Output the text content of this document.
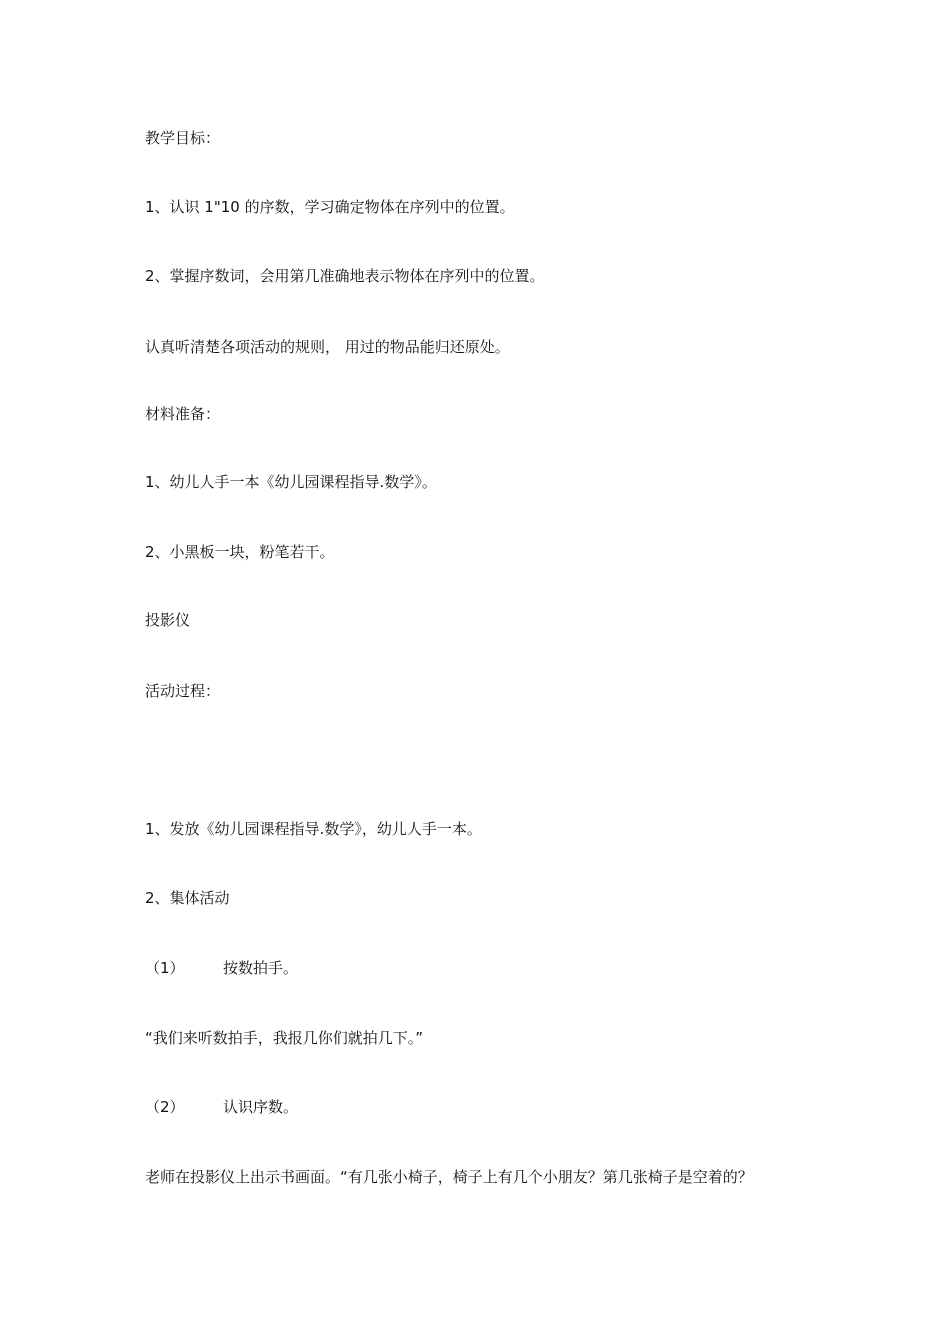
教学目标：

1、认识 1"10 的序数，学习确定物体在序列中的位置。

2、掌握序数词，会用第几准确地表示物体在序列中的位置。

认真听清楚各项活动的规则， 用过的物品能归还原处。

材料准备：

1、幼儿人手一本《幼儿园课程指导.数学》。

2、小黑板一块，粉笔若干。

投影仪

活动过程：

1、发放《幼儿园课程指导.数学》，幼儿人手一本。

2、集体活动

（1）	按数拍手。

“我们来听数拍手，我报几你们就拍几下。”

（2）	认识序数。

老师在投影仪上出示书画面。“有几张小椅子，椅子上有几个小朋友？第几张椅子是空着的？
